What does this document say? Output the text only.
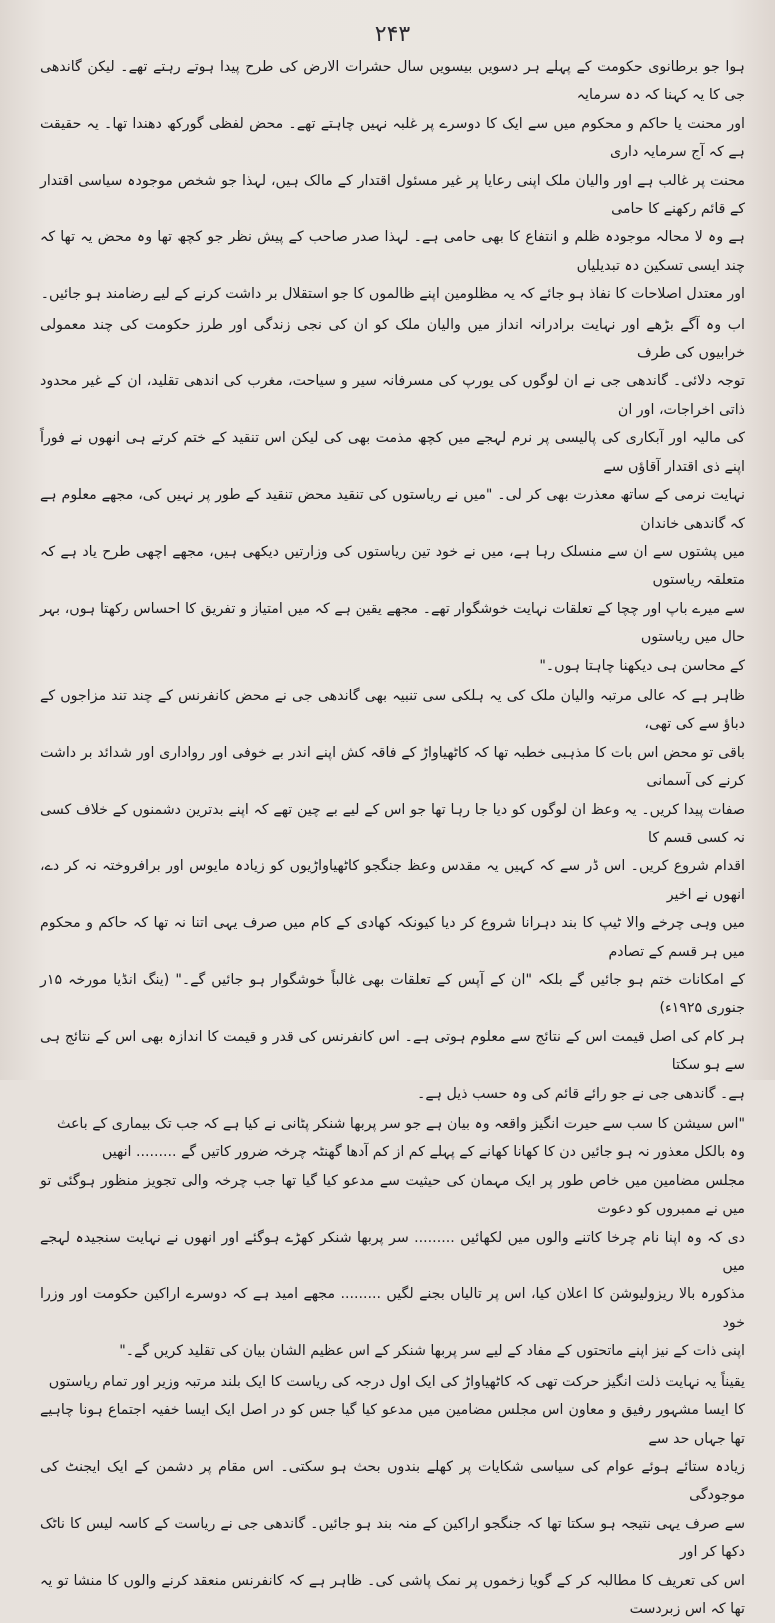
۲۴۳

ہوا جو برطانوی حکومت کے پہلے ہر دسویں بیسویں سال حشرات الارض کی طرح پیدا ہوتے رہتے تھے۔ لیکن گاندھی جی کا یہ کہنا کہ دہ سرمایہ
اور محنت یا حاکم و محکوم میں سے ایک کا دوسرے پر غلبہ نہیں چاہتے تھے۔ محض لفظی گورکھ دھندا تھا۔ یہ حقیقت ہے کہ آج سرمایہ داری
محنت پر غالب ہے اور والیان ملک اپنی رعایا پر غیر مسئول اقتدار کے مالک ہیں، لہذا جو شخص موجودہ سیاسی اقتدار کے قائم رکھنے کا حامی
ہے وہ لا محالہ موجودہ ظلم و انتفاع کا بھی حامی ہے۔ لہذا صدر صاحب کے پیش نظر جو کچھ تھا وہ محض یہ تھا کہ چند ایسی تسکین دہ تبدیلیاں
اور معتدل اصلاحات کا نفاذ ہو جائے کہ یہ مظلومین اپنے ظالموں کا جو استقلال بر داشت کرنے کے لیے رضامند ہو جائیں۔

اب وہ آگے بڑھے اور نہایت برادرانہ انداز میں والیان ملک کو ان کی نجی زندگی اور طرز حکومت کی چند معمولی خرابیوں کی طرف
توجہ دلائی۔ گاندھی جی نے ان لوگوں کی یورپ کی مسرفانہ سیر و سیاحت، مغرب کی اندھی تقلید، ان کے غیر محدود ذاتی اخراجات، اور ان
کی مالیہ اور آبکاری کی پالیسی پر نرم لہجے میں کچھ مذمت بھی کی لیکن اس تنقید کے ختم کرتے ہی انھوں نے فوراً اپنے ذی اقتدار آقاؤں سے
نہایت نرمی کے ساتھ معذرت بھی کر لی۔ "میں نے ریاستوں کی تنقید محض تنقید کے طور پر نہیں کی، مجھے معلوم ہے کہ گاندھی خاندان
میں پشتوں سے ان سے منسلک رہا ہے، میں نے خود تین ریاستوں کی وزارتیں دیکھی ہیں، مجھے اچھی طرح یاد ہے کہ متعلقہ ریاستوں
سے میرے باپ اور چچا کے تعلقات نہایت خوشگوار تھے۔ مجھے یقین ہے کہ میں امتیاز و تفریق کا احساس رکھتا ہوں، بہر حال میں ریاستوں
کے محاسن ہی دیکھنا چاہتا ہوں۔"

ظاہر ہے کہ عالی مرتبہ والیان ملک کی یہ ہلکی سی تنبیہ بھی گاندھی جی نے محض کانفرنس کے چند تند مزاجوں کے دباؤ سے کی تھی،
باقی تو محض اس بات کا مذہبی خطبہ تھا کہ کاٹھیاواڑ کے فاقہ کش اپنے اندر بے خوفی اور رواداری اور شدائد بر داشت کرنے کی آسمانی
صفات پیدا کریں۔ یہ وعظ ان لوگوں کو دیا جا رہا تھا جو اس کے لیے بے چین تھے کہ اپنے بدترین دشمنوں کے خلاف کسی نہ کسی قسم کا
اقدام شروع کریں۔ اس ڈر سے کہ کہیں یہ مقدس وعظ جنگجو کاٹھیاواڑیوں کو زیادہ مایوس اور برافروختہ نہ کر دے، انھوں نے اخیر
میں وہی چرخے والا ٹیپ کا بند دہرانا شروع کر دیا کیونکہ کھادی کے کام میں صرف یہی اتنا نہ تھا کہ حاکم و محکوم میں ہر قسم کے تصادم
کے امکانات ختم ہو جائیں گے بلکہ "ان کے آپس کے تعلقات بھی غالباً خوشگوار ہو جائیں گے۔" (ینگ انڈیا مورخہ ۱۵ر جنوری ۱۹۲۵ء)
ہر کام کی اصل قیمت اس کے نتائج سے معلوم ہوتی ہے۔ اس کانفرنس کی قدر و قیمت کا اندازہ بھی اس کے نتائج ہی سے ہو سکتا
ہے۔ گاندھی جی نے جو رائے قائم کی وہ حسب ذیل ہے۔

"اس سیشن کا سب سے حیرت انگیز واقعہ وہ بیان ہے جو سر پربھا شنکر پٹانی نے کیا ہے کہ جب تک بیماری کے باعث
وہ بالکل معذور نہ ہو جائیں دن کا کھانا کھانے کے پہلے کم از کم آدھا گھنٹہ چرخہ ضرور کاتیں گے ......... انھیں
مجلس مضامین میں خاص طور پر ایک مہمان کی حیثیت سے مدعو کیا گیا تھا جب چرخہ والی تجویز منظور ہوگئی تو میں نے ممبروں کو دعوت
دی کہ وہ اپنا نام چرخا کاتنے والوں میں لکھائیں ......... سر پربھا شنکر کھڑے ہوگئے اور انھوں نے نہایت سنجیدہ لہجے میں
مذکورہ بالا ریزولیوشن کا اعلان کیا، اس پر تالیاں بجنے لگیں ......... مجھے امید ہے کہ دوسرے اراکین حکومت اور وزرا خود
اپنی ذات کے نیز اپنے ماتحتوں کے مفاد کے لیے سر پربھا شنکر کے اس عظیم الشان بیان کی تقلید کریں گے۔"

یقیناً یہ نہایت ذلت انگیز حرکت تھی کہ کاٹھیاواڑ کی ایک اول درجہ کی ریاست کا ایک بلند مرتبہ وزیر اور تمام ریاستوں
کا ایسا مشہور رفیق و معاون اس مجلس مضامین میں مدعو کیا گیا جس کو در اصل ایک ایسا خفیہ اجتماع ہونا چاہیے تھا جہاں حد سے
زیادہ ستائے ہوئے عوام کی سیاسی شکایات پر کھلے بندوں بحث ہو سکتی۔ اس مقام پر دشمن کے ایک ایجنٹ کی موجودگی
سے صرف یہی نتیجہ ہو سکتا تھا کہ جنگجو اراکین کے منہ بند ہو جائیں۔ گاندھی جی نے ریاست کے کاسہ لیس کا ناٹک دکھا کر اور
اس کی تعریف کا مطالبہ کر کے گویا زخموں پر نمک پاشی کی۔ ظاہر ہے کہ کانفرنس منعقد کرنے والوں کا منشا تو یہ تھا کہ اس زبردست
